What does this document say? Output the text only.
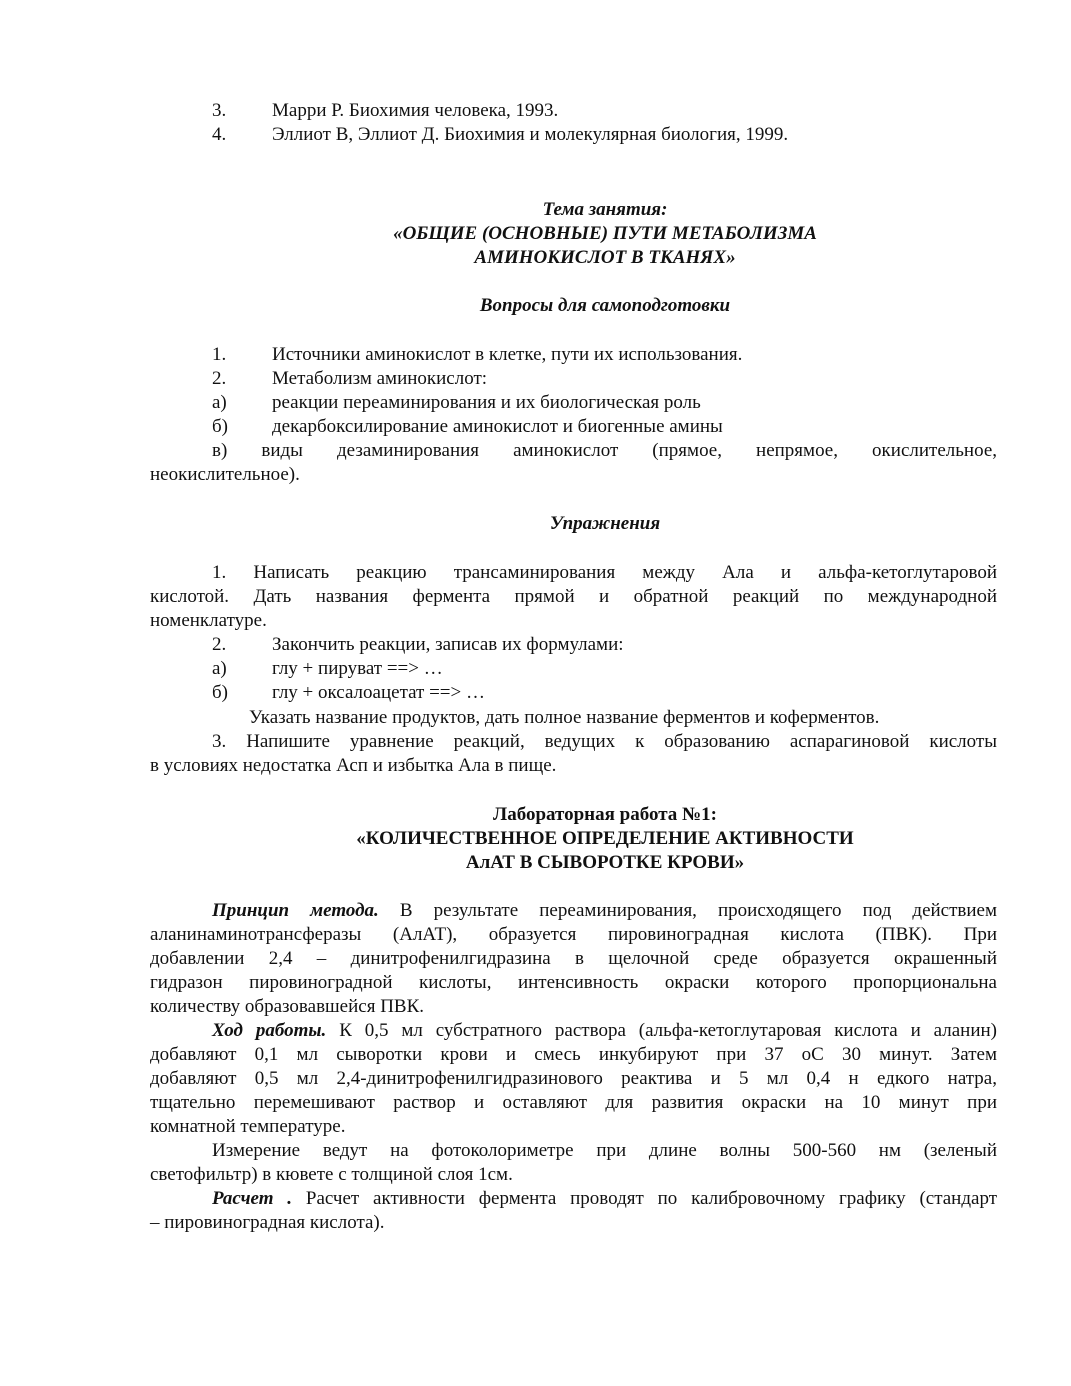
3. Марри Р. Биохимия человека, 1993.
4. Эллиот В, Эллиот Д. Биохимия и молекулярная биология, 1999.
Тема занятия:
«ОБЩИЕ (ОСНОВНЫЕ) ПУТИ МЕТАБОЛИЗМА
АМИНОКИСЛОТ В ТКАНЯХ»
Вопросы для самоподготовки
1. Источники аминокислот в клетке, пути их использования.
2. Метаболизм аминокислот:
а) реакции переаминирования и их биологическая роль
б) декарбоксилирование аминокислот и биогенные амины
в) виды дезаминирования аминокислот (прямое, непрямое, окислительное,
неокислительное).
Упражнения
1. Написать реакцию трансаминирования между Ала и альфа-кетоглутаровой
кислотой. Дать названия фермента прямой и обратной реакций по международной
номенклатуре.
2. Закончить реакции, записав их формулами:
а) глу + пируват ==> …
б) глу + оксалоацетат ==> …
Указать название продуктов, дать полное название ферментов и коферментов.
3. Напишите уравнение реакций, ведущих к образованию аспарагиновой кислоты
в условиях недостатка Асп и избытка Ала в пище.
Лабораторная работа №1:
«КОЛИЧЕСТВЕННОЕ ОПРЕДЕЛЕНИЕ АКТИВНОСТИ
АлАТ В СЫВОРОТКЕ КРОВИ»
Принцип метода. В результате переаминирования, происходящего под действием
аланинаминотрансферазы (АлАТ), образуется пировиноградная кислота (ПВК). При
добавлении 2,4 – динитрофенилгидразина в щелочной среде образуется окрашенный
гидразон пировиноградной кислоты, интенсивность окраски которого пропорциональна
количеству образовавшейся ПВК.
Ход работы. К 0,5 мл субстратного раствора (альфа-кетоглутаровая кислота и аланин)
добавляют 0,1 мл сыворотки крови и смесь инкубируют при 37 оС 30 минут. Затем
добавляют 0,5 мл 2,4-динитрофенилгидразинового реактива и 5 мл 0,4 н едкого натра,
тщательно перемешивают раствор и оставляют для развития окраски на 10 минут при
комнатной температуре.
Измерение ведут на фотоколориметре при длине волны 500-560 нм (зеленый
светофильтр) в кювете с толщиной слоя 1см.
Расчет . Расчет активности фермента проводят по калибровочному графику (стандарт
– пировиноградная кислота).
